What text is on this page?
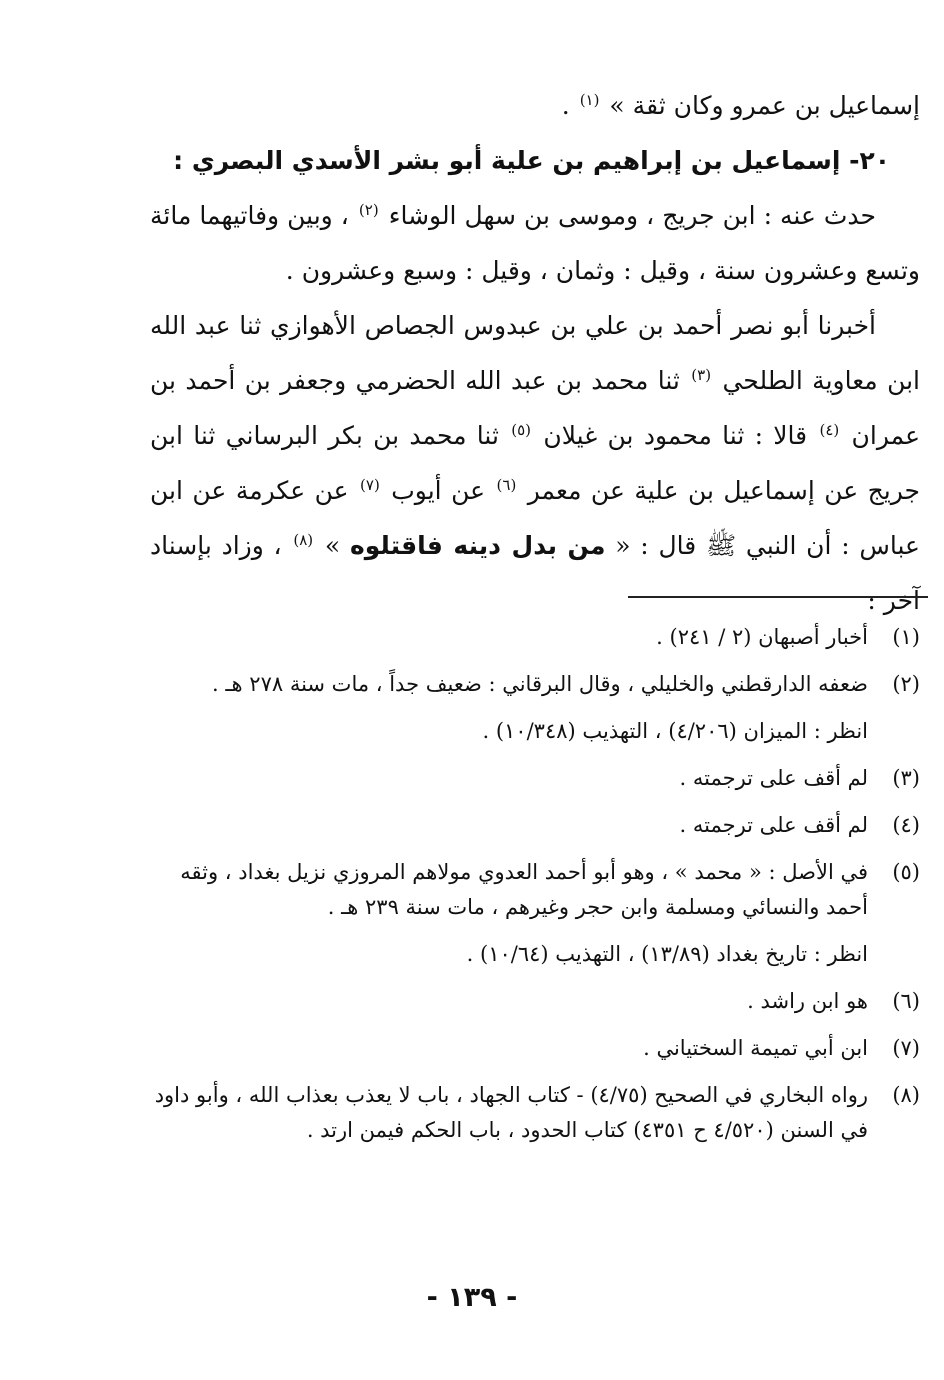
إسماعيل بن عمرو وكان ثقة » $^{(١)}$ .

٢٠- إسماعيل بن إبراهيم بن علية أبو بشر الأسدي البصري :

حدث عنه : ابن جريج ، وموسى بن سهل الوشاء $^{(٢)}$ ، وبين وفاتيهما مائة وتسع وعشرون سنة ، وقيل : وثمان ، وقيل : وسبع وعشرون .

أخبرنا أبو نصر أحمد بن علي بن عبدوس الجصاص الأهوازي ثنا عبد الله ابن معاوية الطلحي $^{(٣)}$ ثنا محمد بن عبد الله الحضرمي وجعفر بن أحمد بن عمران $^{(٤)}$ قالا : ثنا محمود بن غيلان $^{(٥)}$ ثنا محمد بن بكر البرساني ثنا ابن جريج عن إسماعيل بن علية عن معمر $^{(٦)}$ عن أيوب $^{(٧)}$ عن عكرمة عن ابن عباس : أن النبي ﷺ قال : « من بدل دينه فاقتلوه » $^{(٨)}$ ، وزاد بإسناد آخر :

(١)
أخبار أصبهان (٢ / ٢٤١) .
(٢)
ضعفه الدارقطني والخليلي ، وقال البرقاني : ضعيف جداً ، مات سنة ٢٧٨ هـ .
انظر : الميزان (٤/٢٠٦) ، التهذيب (١٠/٣٤٨) .
(٣)
لم أقف على ترجمته .
(٤)
لم أقف على ترجمته .
(٥)
في الأصل : « محمد » ، وهو أبو أحمد العدوي مولاهم المروزي نزيل بغداد ، وثقه أحمد والنسائي ومسلمة وابن حجر وغيرهم ، مات سنة ٢٣٩ هـ .
انظر : تاريخ بغداد (١٣/٨٩) ، التهذيب (١٠/٦٤) .
(٦)
هو ابن راشد .
(٧)
ابن أبي تميمة السختياني .
(٨)
رواه البخاري في الصحيح (٤/٧٥) - كتاب الجهاد ، باب لا يعذب بعذاب الله ، وأبو داود في السنن (٤/٥٢٠ ح ٤٣٥١) كتاب الحدود ، باب الحكم فيمن ارتد .
- ١٣٩ -
